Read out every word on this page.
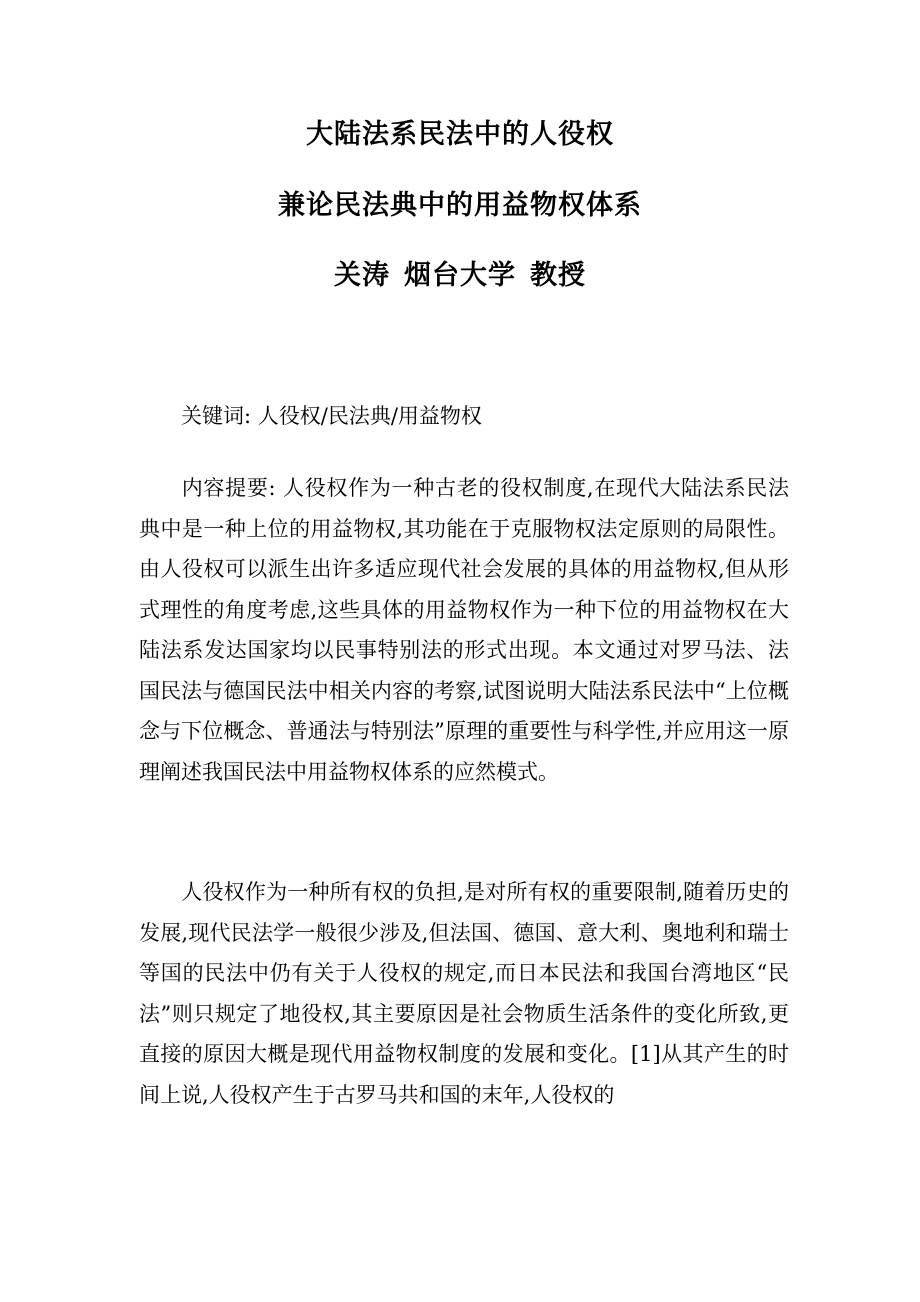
大陆法系民法中的人役权
兼论民法典中的用益物权体系
关涛 烟台大学 教授
关键词: 人役权/民法典/用益物权
内容提要: 人役权作为一种古老的役权制度,在现代大陆法系民法典中是一种上位的用益物权,其功能在于克服物权法定原则的局限性。由人役权可以派生出许多适应现代社会发展的具体的用益物权,但从形式理性的角度考虑,这些具体的用益物权作为一种下位的用益物权在大陆法系发达国家均以民事特别法的形式出现。本文通过对罗马法、法国民法与德国民法中相关内容的考察,试图说明大陆法系民法中“上位概念与下位概念、普通法与特别法”原理的重要性与科学性,并应用这一原理阐述我国民法中用益物权体系的应然模式。
人役权作为一种所有权的负担,是对所有权的重要限制,随着历史的发展,现代民法学一般很少涉及,但法国、德国、意大利、奥地利和瑞士等国的民法中仍有关于人役权的规定,而日本民法和我国台湾地区“民法”则只规定了地役权,其主要原因是社会物质生活条件的变化所致,更直接的原因大概是现代用益物权制度的发展和变化。[1]从其产生的时间上说,人役权产生于古罗马共和国的末年,人役权的
